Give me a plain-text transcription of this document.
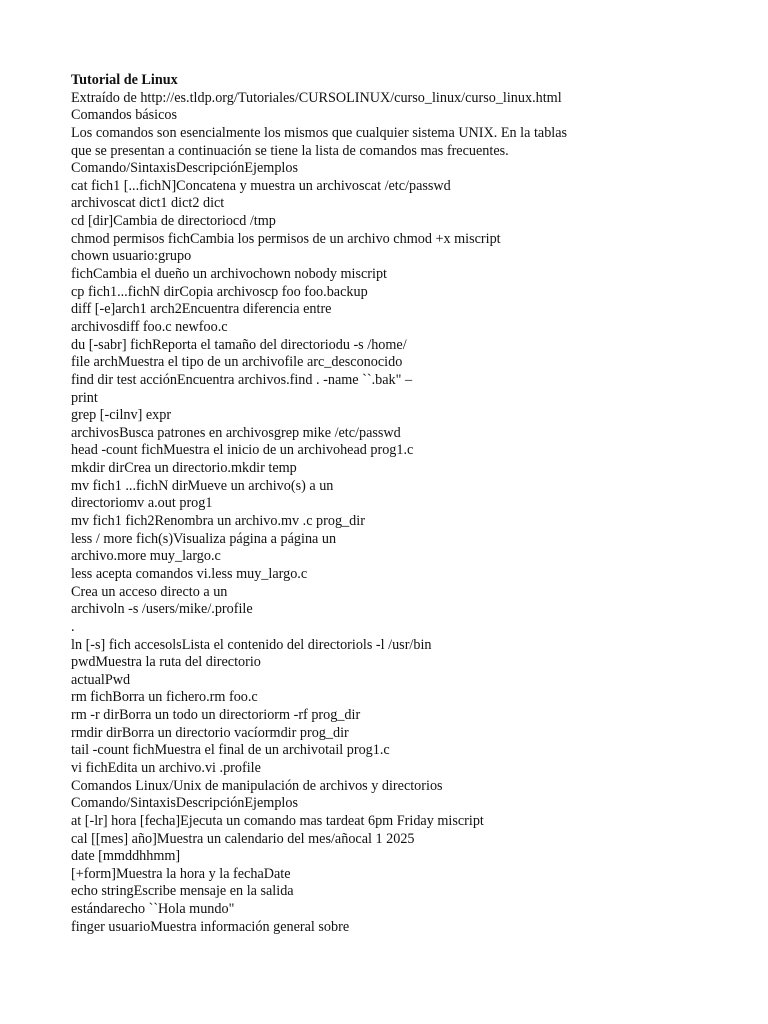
Tutorial de Linux
Extraído de http://es.tldp.org/Tutoriales/CURSOLINUX/curso_linux/curso_linux.html
Comandos básicos
Los comandos son esencialmente los mismos que cualquier sistema UNIX. En la tablas
que se presentan a continuación se tiene la lista de comandos mas frecuentes.
Comando/SintaxisDescripciónEjemplos
cat fich1 [...fichN]Concatena y muestra un archivoscat /etc/passwd
archivoscat dict1 dict2 dict
cd [dir]Cambia de directoriocd /tmp
chmod permisos fichCambia los permisos de un archivo chmod +x miscript
chown usuario:grupo
fichCambia el dueño un archivochown nobody miscript
cp fich1...fichN dirCopia archivoscp foo foo.backup
diff [-e]arch1 arch2Encuentra diferencia entre
archivosdiff foo.c newfoo.c
du [-sabr] fichReporta el tamaño del directoriodu -s /home/
file archMuestra el tipo de un archivofile arc_desconocido
find dir test acciónEncuentra archivos.find . -name ``.bak" –
print
grep [-cilnv] expr
archivosBusca patrones en archivosgrep mike /etc/passwd
head -count fichMuestra el inicio de un archivohead prog1.c
mkdir dirCrea un directorio.mkdir temp
mv fich1 ...fichN dirMueve un archivo(s) a un
directoriomv a.out prog1
mv fich1 fich2Renombra un archivo.mv .c prog_dir
less / more fich(s)Visualiza página a página un
archivo.more muy_largo.c
less acepta comandos vi.less muy_largo.c
Crea un acceso directo a un
archivoln -s /users/mike/.profile
.
ln [-s] fich accesolsLista el contenido del directoriols -l /usr/bin
pwdMuestra la ruta del directorio
actualPwd
rm fichBorra un fichero.rm foo.c
rm -r dirBorra un todo un directoriorm -rf prog_dir
rmdir dirBorra un directorio vacíormdir prog_dir
tail -count fichMuestra el final de un archivotail prog1.c
vi fichEdita un archivo.vi .profile
Comandos Linux/Unix de manipulación de archivos y directorios
Comando/SintaxisDescripciónEjemplos
at [-lr] hora [fecha]Ejecuta un comando mas tardeat 6pm Friday miscript
cal [[mes] año]Muestra un calendario del mes/añocal 1 2025
date [mmddhhmm]
[+form]Muestra la hora y la fechaDate
echo stringEscribe mensaje en la salida
estándarecho ``Hola mundo"
finger usuarioMuestra información general sobre
